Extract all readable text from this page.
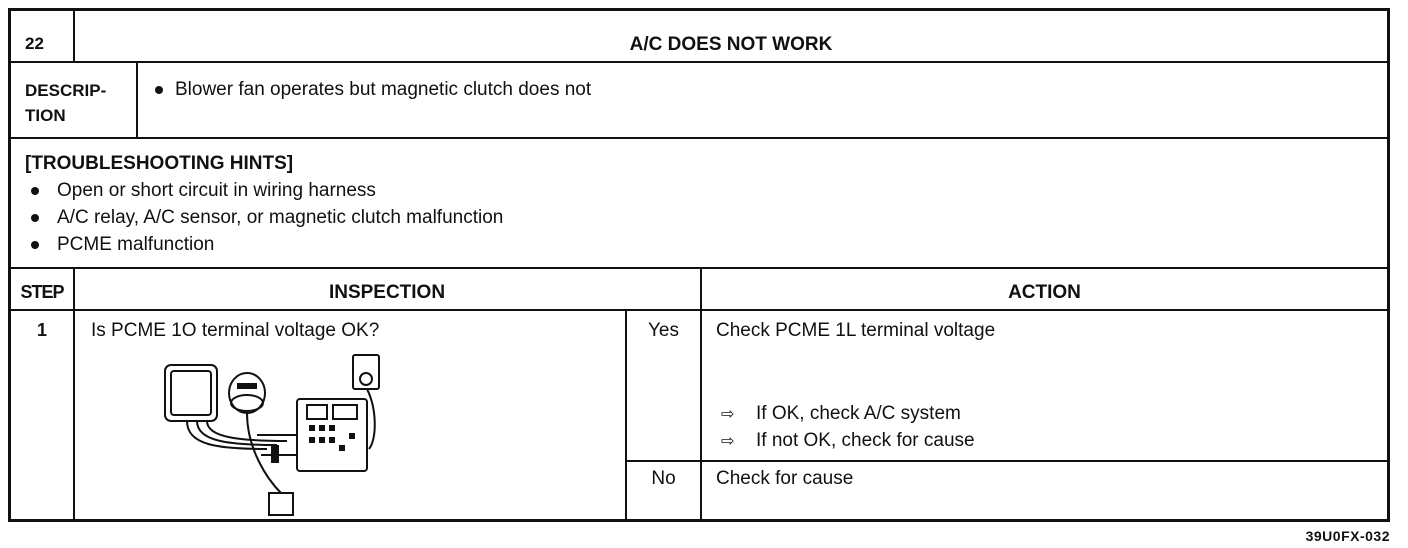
22	A/C DOES NOT WORK
DESCRIP-
TION
Blower fan operates but magnetic clutch does not
[TROUBLESHOOTING HINTS]
Open or short circuit in wiring harness
A/C relay, A/C sensor, or magnetic clutch malfunction
PCME malfunction
STEP	INSPECTION	ACTION
1	Is PCME 1O terminal voltage OK?	Yes	Check PCME 1L terminal voltage
⇨ If OK, check A/C system
⇨ If not OK, check for cause
No	Check for cause
39U0FX-032
